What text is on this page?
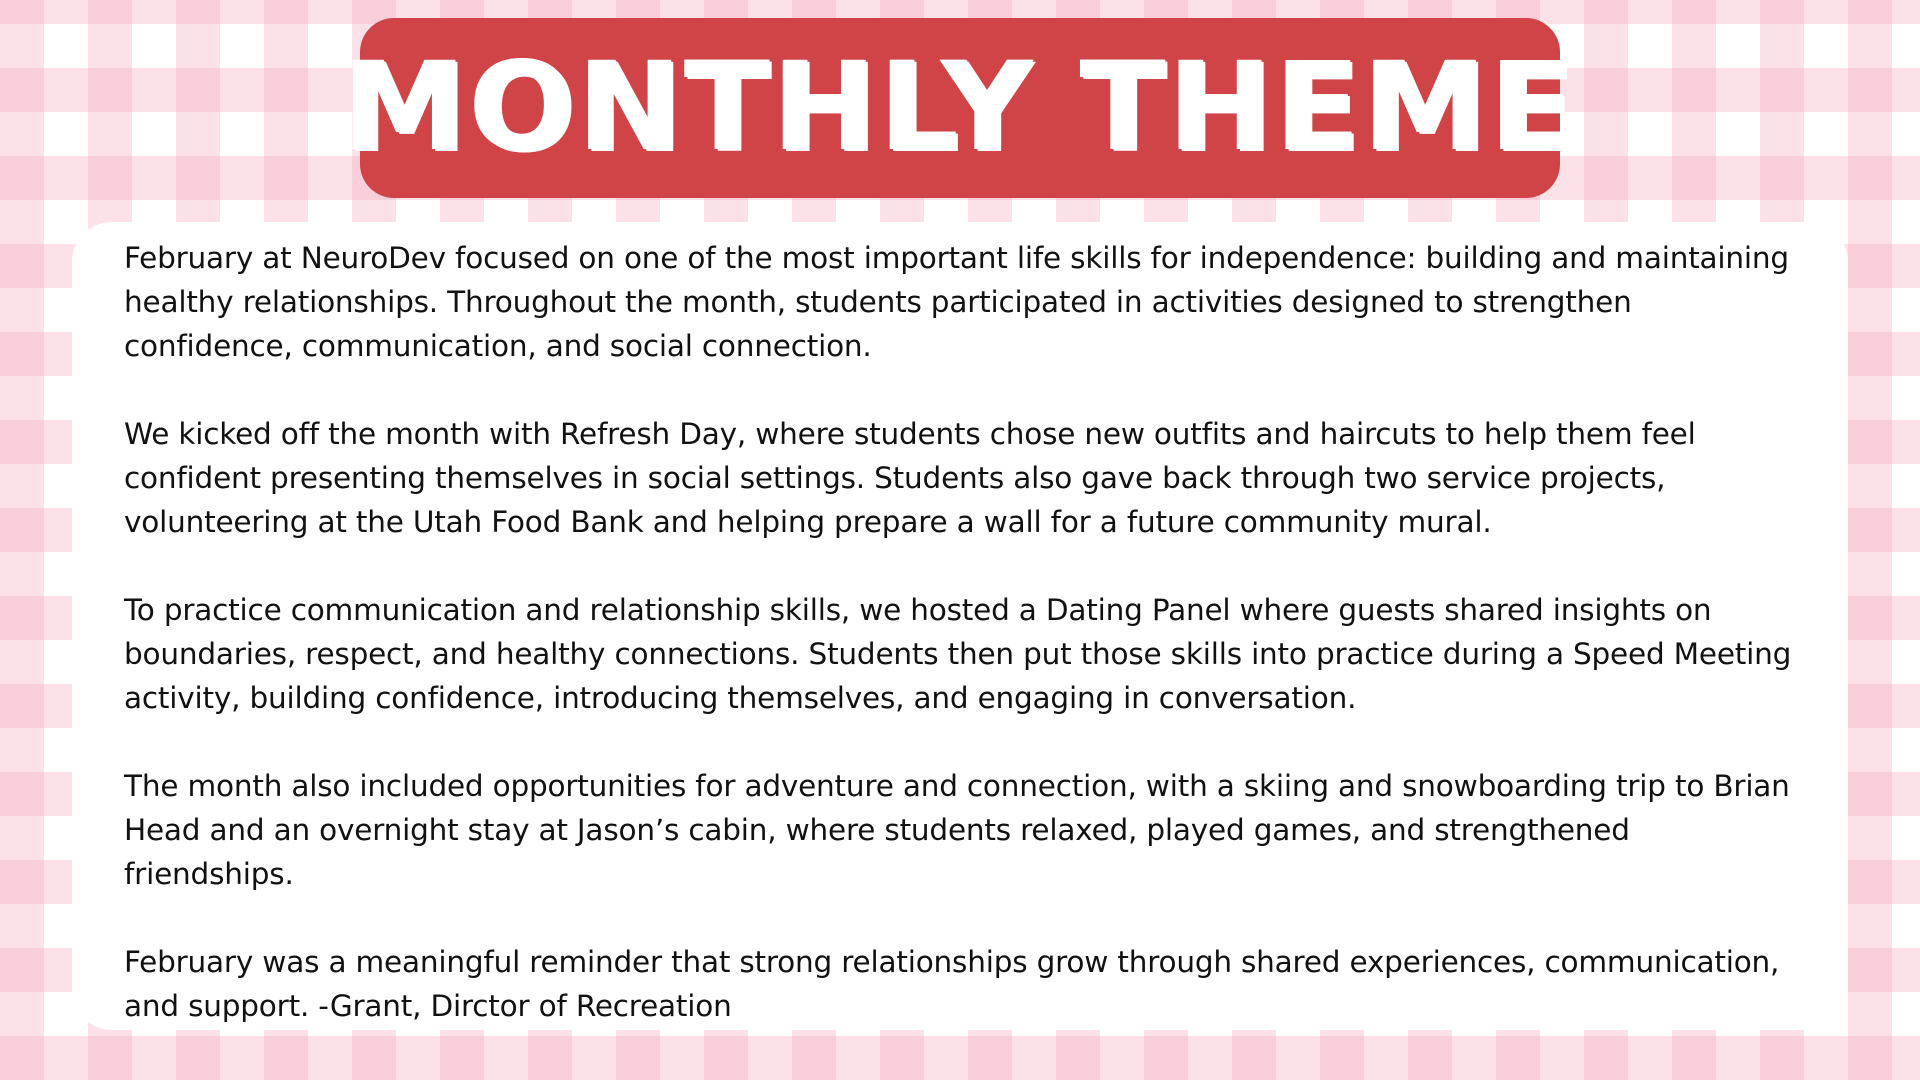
MONTHLY THEME

February at NeuroDev focused on one of the most important life skills for independence: building and maintaining healthy relationships. Throughout the month, students participated in activities designed to strengthen confidence, communication, and social connection.

We kicked off the month with Refresh Day, where students chose new outfits and haircuts to help them feel confident presenting themselves in social settings. Students also gave back through two service projects, volunteering at the Utah Food Bank and helping prepare a wall for a future community mural.

To practice communication and relationship skills, we hosted a Dating Panel where guests shared insights on boundaries, respect, and healthy connections. Students then put those skills into practice during a Speed Meeting activity, building confidence, introducing themselves, and engaging in conversation.

The month also included opportunities for adventure and connection, with a skiing and snowboarding trip to Brian Head and an overnight stay at Jason’s cabin, where students relaxed, played games, and strengthened friendships.

February was a meaningful reminder that strong relationships grow through shared experiences, communication, and support. -Grant, Dirctor of Recreation
